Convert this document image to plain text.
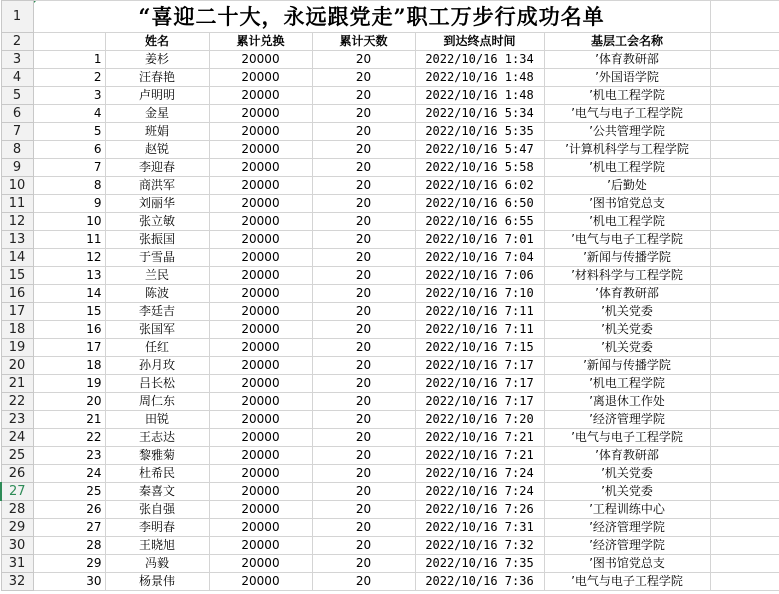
1	“喜迎二十大，永远跟党走”职工万步行成功名单						
2		姓名	累计兑换	累计天数	到达终点时间	基层工会名称	
3	1	姜杉	20000	20	2022/10/16 1:34	’体育教研部	
4	2	汪春艳	20000	20	2022/10/16 1:48	’外国语学院	
5	3	卢明明	20000	20	2022/10/16 1:48	’机电工程学院	
6	4	金星	20000	20	2022/10/16 5:34	’电气与电子工程学院	
7	5	班娟	20000	20	2022/10/16 5:35	’公共管理学院	
8	6	赵锐	20000	20	2022/10/16 5:47	’计算机科学与工程学院	
9	7	李迎春	20000	20	2022/10/16 5:58	’机电工程学院	
10	8	商洪军	20000	20	2022/10/16 6:02	’后勤处	
11	9	刘丽华	20000	20	2022/10/16 6:50	’图书馆党总支	
12	10	张立敏	20000	20	2022/10/16 6:55	’机电工程学院	
13	11	张振国	20000	20	2022/10/16 7:01	’电气与电子工程学院	
14	12	于雪晶	20000	20	2022/10/16 7:04	’新闻与传播学院	
15	13	兰民	20000	20	2022/10/16 7:06	’材料科学与工程学院	
16	14	陈波	20000	20	2022/10/16 7:10	’体育教研部	
17	15	李廷吉	20000	20	2022/10/16 7:11	’机关党委	
18	16	张国军	20000	20	2022/10/16 7:11	’机关党委	
19	17	任红	20000	20	2022/10/16 7:15	’机关党委	
20	18	孙月玫	20000	20	2022/10/16 7:17	’新闻与传播学院	
21	19	吕长松	20000	20	2022/10/16 7:17	’机电工程学院	
22	20	周仁东	20000	20	2022/10/16 7:17	’离退休工作处	
23	21	田锐	20000	20	2022/10/16 7:20	’经济管理学院	
24	22	王志达	20000	20	2022/10/16 7:21	’电气与电子工程学院	
25	23	黎雅菊	20000	20	2022/10/16 7:21	’体育教研部	
26	24	杜希民	20000	20	2022/10/16 7:24	’机关党委	
27	25	秦喜文	20000	20	2022/10/16 7:24	’机关党委	
28	26	张自强	20000	20	2022/10/16 7:26	’工程训练中心	
29	27	李明春	20000	20	2022/10/16 7:31	’经济管理学院	
30	28	王晓旭	20000	20	2022/10/16 7:32	’经济管理学院	
31	29	冯毅	20000	20	2022/10/16 7:35	’图书馆党总支	
32	30	杨景伟	20000	20	2022/10/16 7:36	’电气与电子工程学院	
